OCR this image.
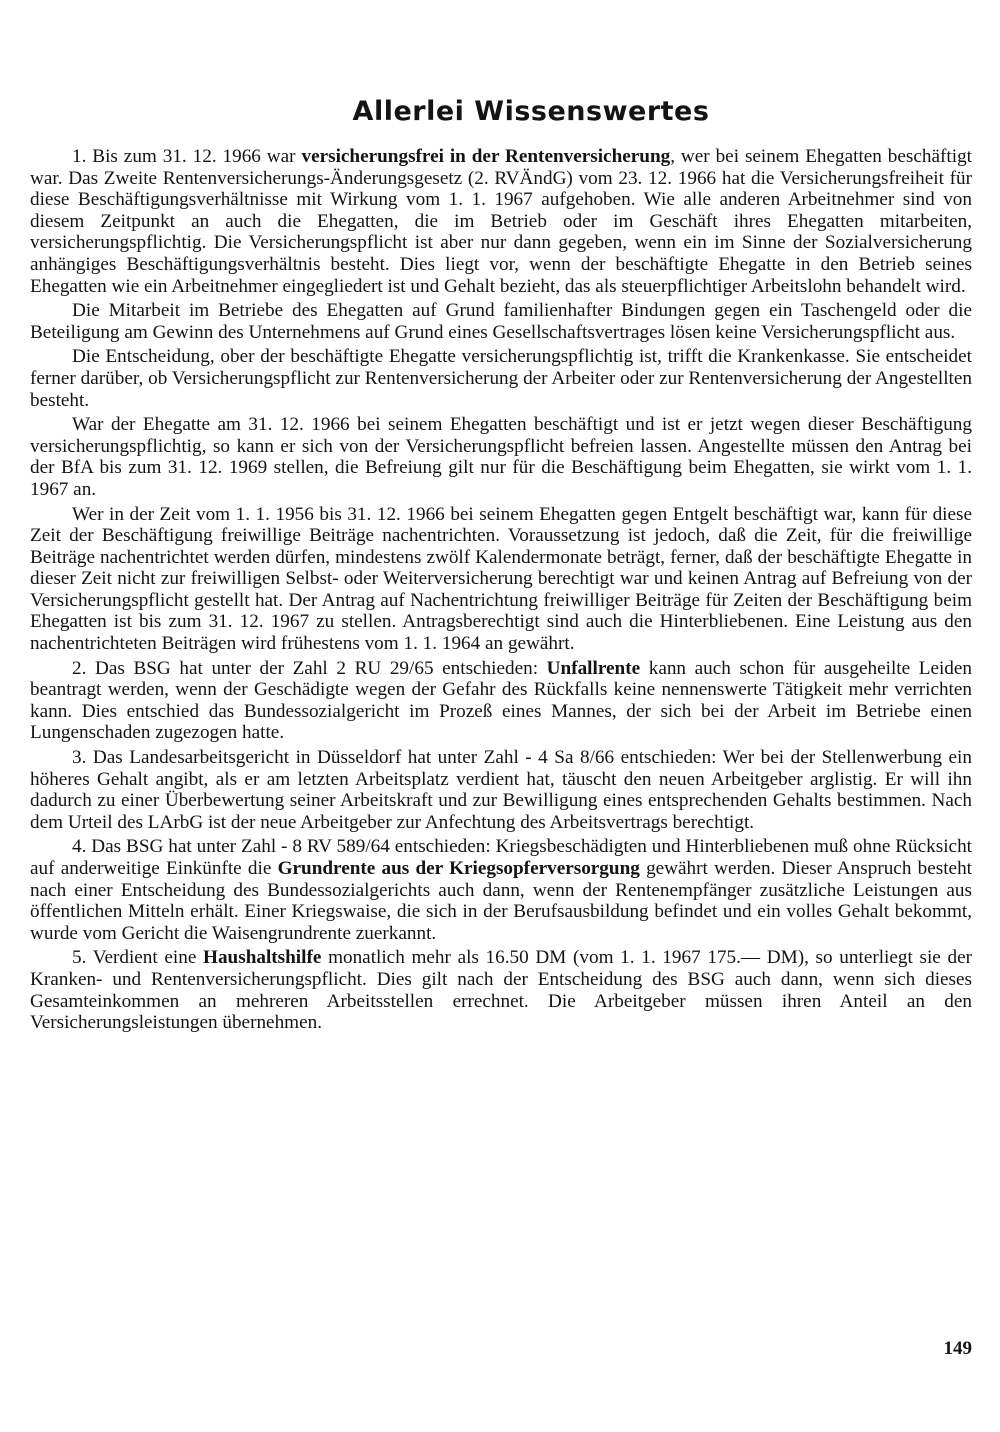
Allerlei Wissenswertes

1. Bis zum 31. 12. 1966 war versicherungsfrei in der Rentenversicherung, wer bei seinem Ehegatten beschäftigt war. Das Zweite Rentenversicherungs-Änderungsgesetz (2. RVÄndG) vom 23. 12. 1966 hat die Versicherungsfreiheit für diese Beschäftigungsverhältnisse mit Wirkung vom 1. 1. 1967 aufgehoben. Wie alle anderen Arbeitnehmer sind von diesem Zeitpunkt an auch die Ehegatten, die im Betrieb oder im Geschäft ihres Ehegatten mitarbeiten, versicherungspflichtig. Die Versicherungspflicht ist aber nur dann gegeben, wenn ein im Sinne der Sozialversicherung anhängiges Beschäftigungsverhältnis besteht. Dies liegt vor, wenn der beschäftigte Ehegatte in den Betrieb seines Ehegatten wie ein Arbeitnehmer eingegliedert ist und Gehalt bezieht, das als steuerpflichtiger Arbeitslohn behandelt wird.

Die Mitarbeit im Betriebe des Ehegatten auf Grund familienhafter Bindungen gegen ein Taschengeld oder die Beteiligung am Gewinn des Unternehmens auf Grund eines Gesellschaftsvertrages lösen keine Versicherungspflicht aus.

Die Entscheidung, ober der beschäftigte Ehegatte versicherungspflichtig ist, trifft die Krankenkasse. Sie entscheidet ferner darüber, ob Versicherungspflicht zur Rentenversicherung der Arbeiter oder zur Rentenversicherung der Angestellten besteht.

War der Ehegatte am 31. 12. 1966 bei seinem Ehegatten beschäftigt und ist er jetzt wegen dieser Beschäftigung versicherungspflichtig, so kann er sich von der Versicherungspflicht befreien lassen. Angestellte müssen den Antrag bei der BfA bis zum 31. 12. 1969 stellen, die Befreiung gilt nur für die Beschäftigung beim Ehegatten, sie wirkt vom 1. 1. 1967 an.

Wer in der Zeit vom 1. 1. 1956 bis 31. 12. 1966 bei seinem Ehegatten gegen Entgelt beschäftigt war, kann für diese Zeit der Beschäftigung freiwillige Beiträge nachentrichten. Voraussetzung ist jedoch, daß die Zeit, für die freiwillige Beiträge nachentrichtet werden dürfen, mindestens zwölf Kalendermonate beträgt, ferner, daß der beschäftigte Ehegatte in dieser Zeit nicht zur freiwilligen Selbst- oder Weiterversicherung berechtigt war und keinen Antrag auf Befreiung von der Versicherungspflicht gestellt hat. Der Antrag auf Nachentrichtung freiwilliger Beiträge für Zeiten der Beschäftigung beim Ehegatten ist bis zum 31. 12. 1967 zu stellen. Antragsberechtigt sind auch die Hinterbliebenen. Eine Leistung aus den nachentrichteten Beiträgen wird frühestens vom 1. 1. 1964 an gewährt.

2. Das BSG hat unter der Zahl 2 RU 29/65 entschieden: Unfallrente kann auch schon für ausgeheilte Leiden beantragt werden, wenn der Geschädigte wegen der Gefahr des Rückfalls keine nennenswerte Tätigkeit mehr verrichten kann. Dies entschied das Bundessozialgericht im Prozeß eines Mannes, der sich bei der Arbeit im Betriebe einen Lungenschaden zugezogen hatte.

3. Das Landesarbeitsgericht in Düsseldorf hat unter Zahl - 4 Sa 8/66 entschieden: Wer bei der Stellenwerbung ein höheres Gehalt angibt, als er am letzten Arbeitsplatz verdient hat, täuscht den neuen Arbeitgeber arglistig. Er will ihn dadurch zu einer Überbewertung seiner Arbeitskraft und zur Bewilligung eines entsprechenden Gehalts bestimmen. Nach dem Urteil des LArbG ist der neue Arbeitgeber zur Anfechtung des Arbeitsvertrags berechtigt.

4. Das BSG hat unter Zahl - 8 RV 589/64 entschieden: Kriegsbeschädigten und Hinterbliebenen muß ohne Rücksicht auf anderweitige Einkünfte die Grundrente aus der Kriegsopferversorgung gewährt werden. Dieser Anspruch besteht nach einer Entscheidung des Bundessozialgerichts auch dann, wenn der Rentenempfänger zusätzliche Leistungen aus öffentlichen Mitteln erhält. Einer Kriegswaise, die sich in der Berufsausbildung befindet und ein volles Gehalt bekommt, wurde vom Gericht die Waisengrundrente zuerkannt.

5. Verdient eine Haushaltshilfe monatlich mehr als 16.50 DM (vom 1. 1. 1967 175.— DM), so unterliegt sie der Kranken- und Rentenversicherungspflicht. Dies gilt nach der Entscheidung des BSG auch dann, wenn sich dieses Gesamteinkommen an mehreren Arbeitsstellen errechnet. Die Arbeitgeber müssen ihren Anteil an den Versicherungsleistungen übernehmen.

149
